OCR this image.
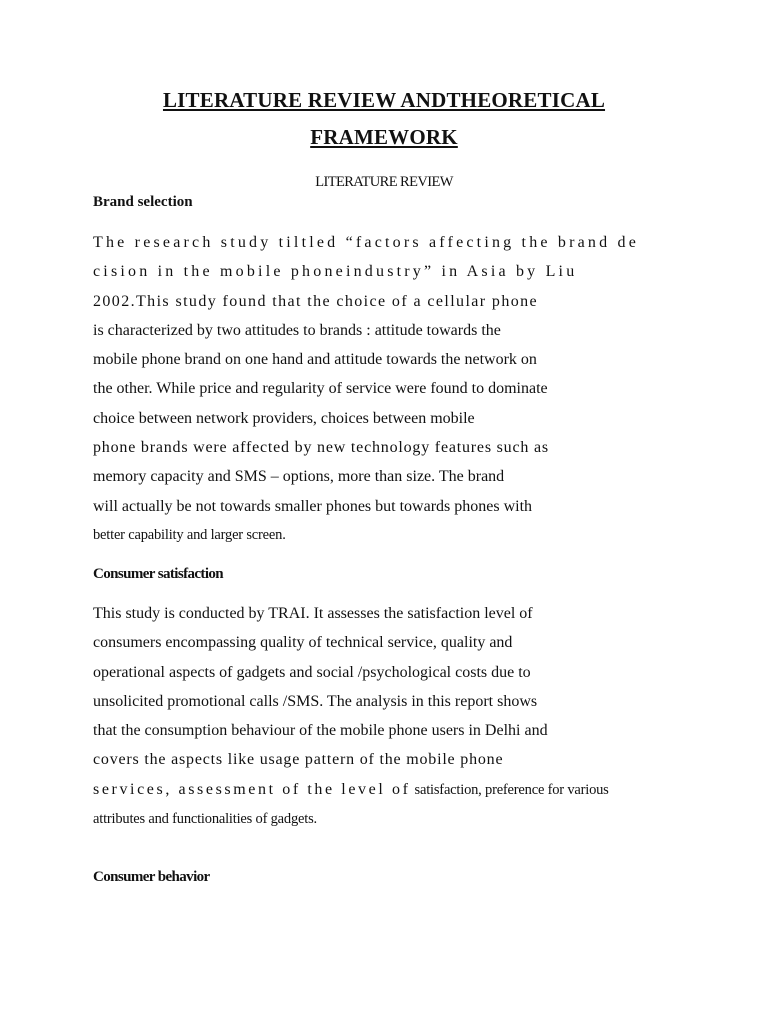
LITERATURE REVIEW ANDTHEORETICAL
FRAMEWORK
LITERATURE REVIEW
Brand selection
The research study tiltled “factors affecting the brand de
cision in the mobile phoneindustry” in Asia by Liu
2002.This study found that the choice of a cellular phone
is characterized by two attitudes to brands : attitude towards the
mobile phone brand on one hand and attitude towards the network on
the other. While price and regularity of service were found to dominate
choice between network providers, choices between mobile
phone brands were affected by new technology features such as
memory capacity and SMS – options, more than size. The brand
will actually be not towards smaller phones but towards phones with
better capability and larger screen.
Consumer satisfaction
This study is conducted by TRAI. It assesses the satisfaction level of
consumers encompassing quality of technical service, quality and
operational aspects of gadgets and social /psychological costs due to
unsolicited promotional calls /SMS. The analysis in this report shows
that the consumption behaviour of the mobile phone users in Delhi and
covers the aspects like usage pattern of the mobile phone
services, assessment of the level of satisfaction, preference for various
attributes and functionalities of gadgets.
Consumer behavior
